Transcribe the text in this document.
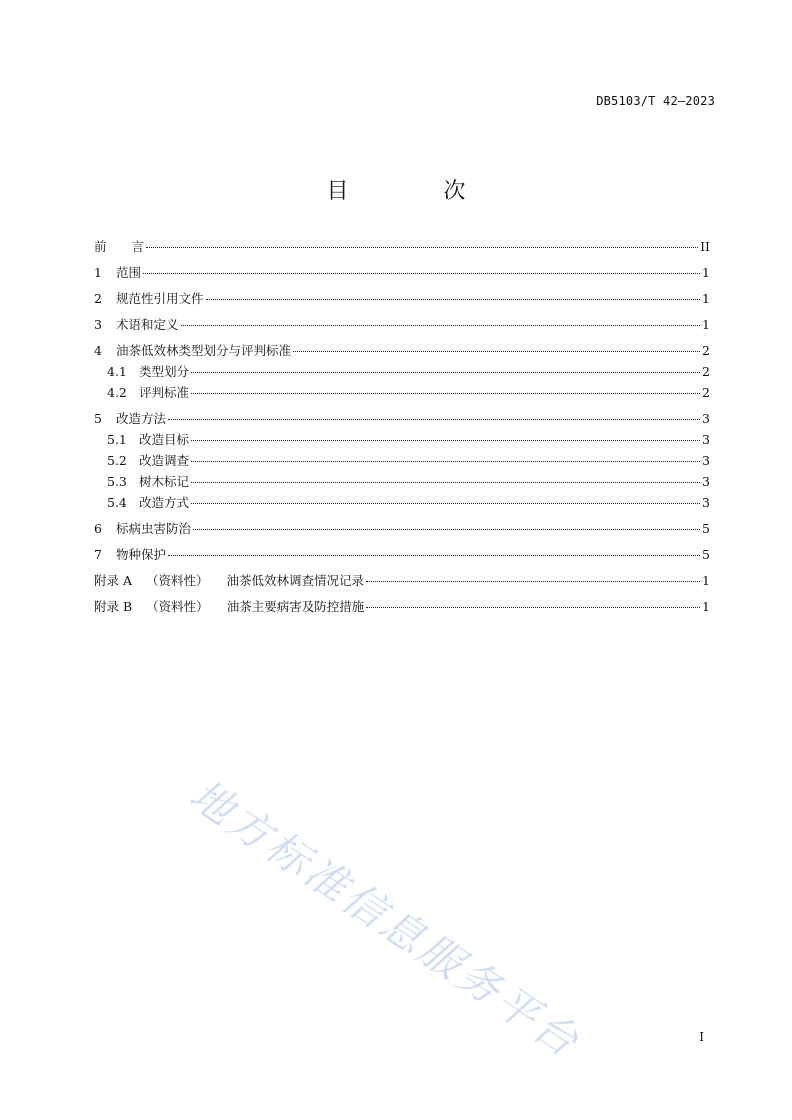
DB5103/T 42—2023
目 次
前　　言	II
1	范围	1
2	规范性引用文件	1
3	术语和定义	1
4	油茶低效林类型划分与评判标准	2
4.1 类型划分	2
4.2 评判标准	2
5	改造方法	3
5.1 改造目标	3
5.2 改造调查	3
5.3 树木标记	3
5.4 改造方式	3
6	标病虫害防治	5
7	物种保护	5
附录 A （资料性） 油茶低效林调查情况记录	1
附录 B （资料性） 油茶主要病害及防控措施	1
地方标准信息服务平台	I
